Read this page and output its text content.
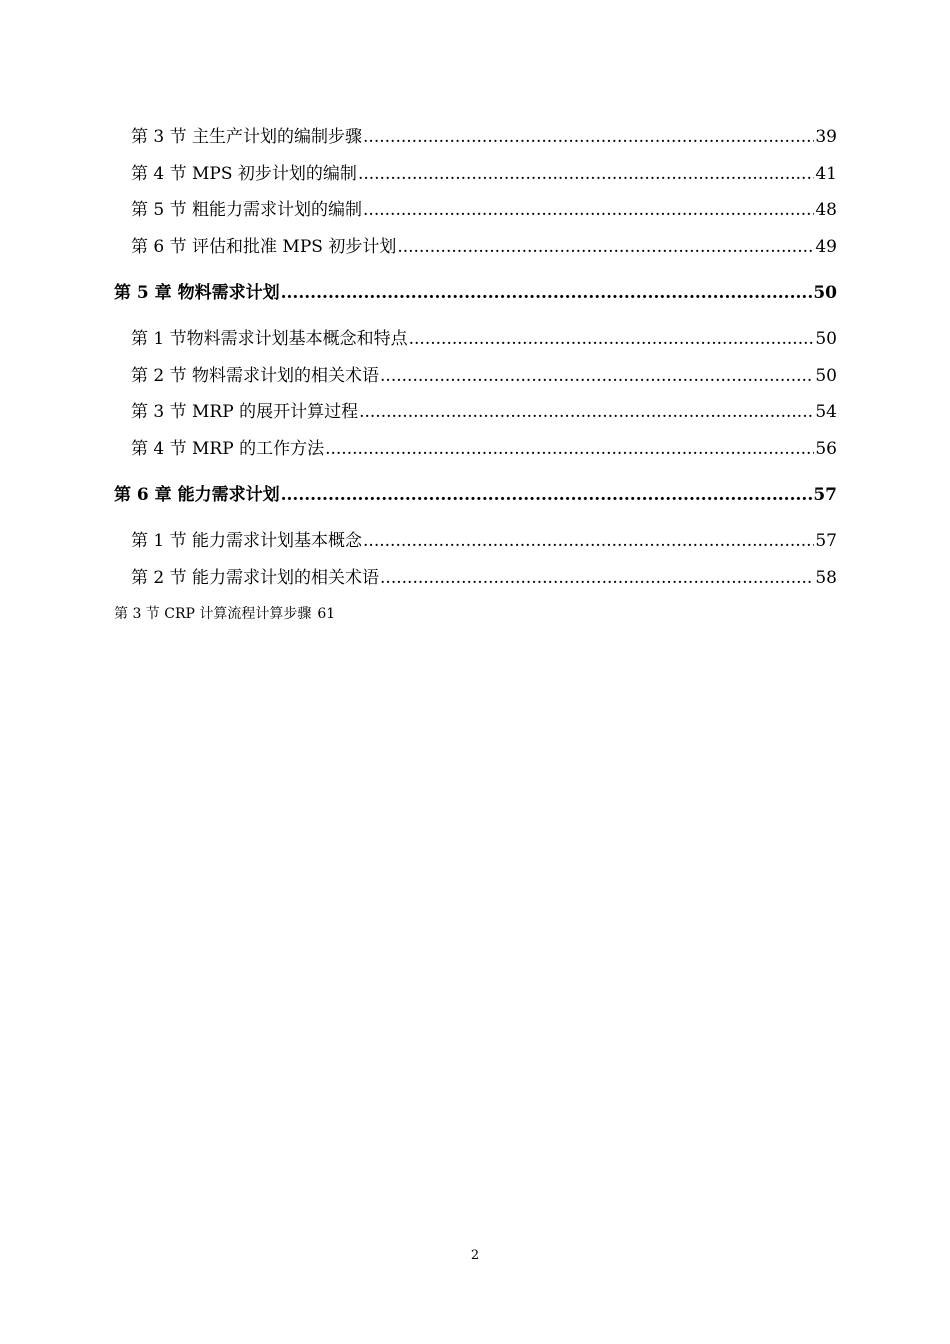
第 3 节 主生产计划的编制步骤 .....	39
第 4 节 MPS 初步计划的编制 .....	41
第 5 节 粗能力需求计划的编制 .....	48
第 6 节 评估和批准 MPS 初步计划 .....	49
第 5 章 物料需求计划 .....	50
第 1 节物料需求计划基本概念和特点 .....	50
第 2 节 物料需求计划的相关术语 .....	50
第 3 节 MRP 的展开计算过程 .....	54
第 4 节 MRP 的工作方法 .....	56
第 6 章 能力需求计划 .....	57
第 1 节 能力需求计划基本概念 .....	57
第 2 节 能力需求计划的相关术语 .....	58
第 3 节 CRP 计算流程计算步骤 61
2
